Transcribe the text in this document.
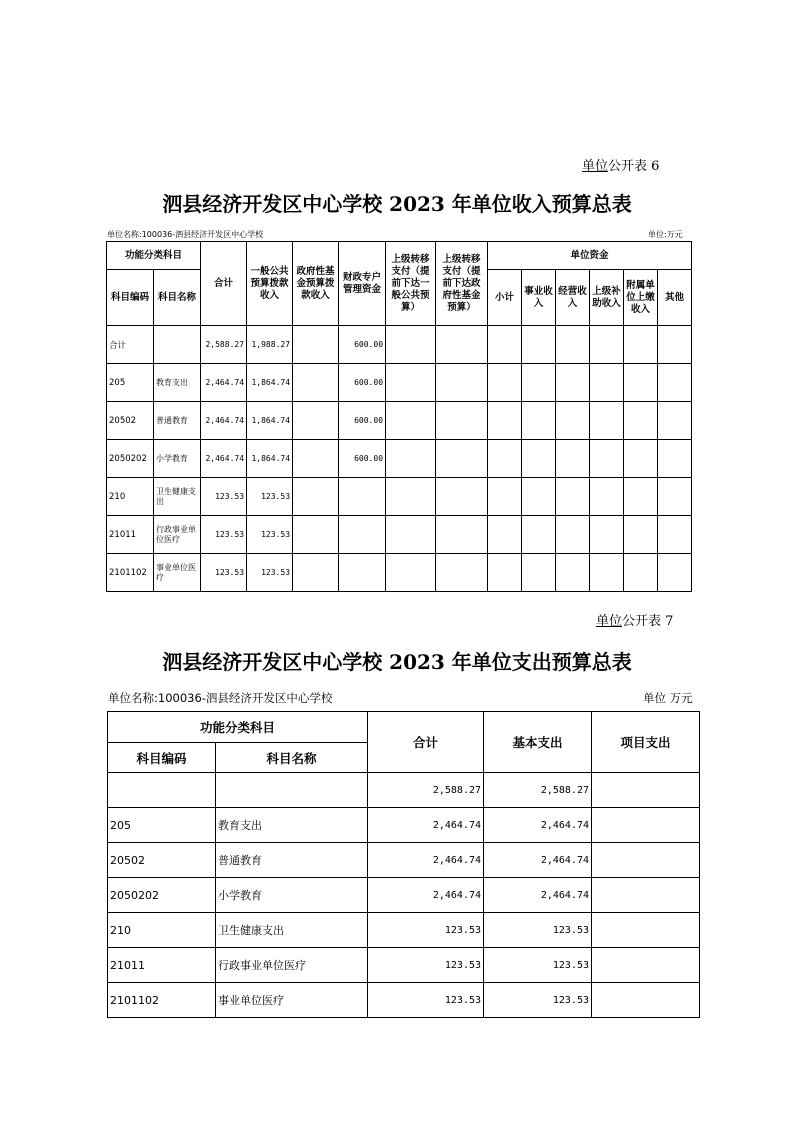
单位公开表 6
泗县经济开发区中心学校 2023 年单位收入预算总表
单位名称:100036-泗县经济开发区中心学校	单位:万元
功能分类科目		合计	一般公共预算拨款收入	政府性基金预算拨款收入	财政专户管理资金	上级转移支付（提前下达一般公共预算）	上级转移支付（提前下达政府性基金预算）	单位资金					
科目编码	科目名称							小计	事业收入	经营收入	上级补助收入	附属单位上缴收入	其他
合计		2,588.27	1,988.27		600.00								
205	教育支出	2,464.74	1,864.74		600.00								
20502	普通教育	2,464.74	1,864.74		600.00								
2050202	小学教育	2,464.74	1,864.74		600.00								
210	卫生健康支出	123.53	123.53										
21011	行政事业单位医疗	123.53	123.53										
2101102	事业单位医疗	123.53	123.53										
单位公开表 7
泗县经济开发区中心学校 2023 年单位支出预算总表
单位名称:100036-泗县经济开发区中心学校	单位 万元
功能分类科目		合计	基本支出	项目支出
科目编码	科目名称			
		2,588.27	2,588.27	
205	教育支出	2,464.74	2,464.74	
20502	普通教育	2,464.74	2,464.74	
2050202	小学教育	2,464.74	2,464.74	
210	卫生健康支出	123.53	123.53	
21011	行政事业单位医疗	123.53	123.53	
2101102	事业单位医疗	123.53	123.53	
